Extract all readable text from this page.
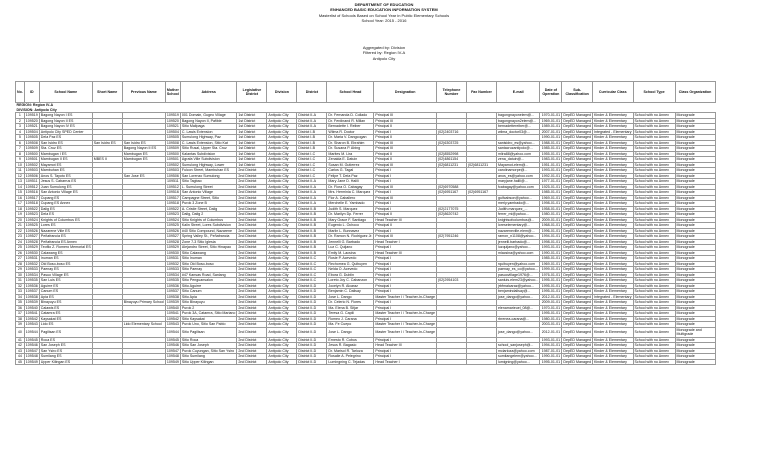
DEPARTMENT OF EDUCATION
ENHANCED BASIC EDUCATION INFORMATION SYSTEM
Masterlist of Schools Based on School Year in Public Elementary Schools
School Year: 2015 - 2016
Aggregated by: Division
Filtered by: Region IV-A
Antipolo City
No.	ID	School Name	Short Name	Previous Name	Mother School	Address	Legislative District	Division	District	School Head	Designation	Telephone Number	Fax Number	E-mail	Date of Operation	Sub-Classification	Curricular Class	School Type	Class Organization
REGION: Region IV-A																			
DIVISION: Antipolo City																			
1	109519	Bagong Nayon I ES			109519	001 Domain, Gugeo Village	1st District	Antipolo City	District II-A	Dr. Fernanda D. Collado	Principal III			bagongnayonelem@...	1970-01-01	DepED Managed	Kinder & Elementary	School with no Annex	Monograde
2	109520	Bagong Nayon II ES			109520	Bagong Nayon II, Pafible	1st District	Antipolo City	District II-A	Dr. Ferdinand R. Millan	Principal III			bagongnayon2elem@...	1969-01-01	DepED Managed	Kinder & Elementary	School with no Annex	Monograde
3	109521	Bagong Nayon IV ES			109521	Sitio Malipaga	1st District	Antipolo City	District II-A	Bernadette I. Reiber	Principal II			bernadettereiber@...	1989-01-01	DepED Managed	Kinder & Elementary	School with no Annex	Monograde
4	109504	Antipolo City SPED Center			109504	C. Lawis Extension	1st District	Antipolo City	District I-B	Wilma R. Doctor	Principal I	(02)2403716		wilma_doctor03@...	2007-01-01	DepED Managed	Integrated - Elementary	School with no Annex	Monograde
5	109505	Dela Paz ES			109505	Sumulong Highway, Paz	1st District	Antipolo City	District I-B	Dr. Maria V. Dangcogan	Principal II				1990-01-01	DepED Managed	Kinder & Elementary	School with no Annex	Monograde
6	109508	San Isidro ES	San Isidro ES	San Isidro ES	109508	C. Lawis Extension, Sitio Kat	1st District	Antipolo City	District I-B	Dr. Sharon B. Ebrahim	Principal III	(02)6303725		sanisidro_es@yahoo...	1988-01-01	DepED Managed	Kinder & Elementary	School with no Annex	Monograde
7	109509	Sta. Cruz ES		Bagong Nayon II ES	109509	Sitio Rusal, Upper Sta. Cruz	1st District	Antipolo City	District I-B	Dr. Susana P. Abing	Principal III			santacruzantipolo@...	1985-01-01	DepED Managed	Kinder & Elementary	School with no Annex	Monograde
8	109500	Mambugan I ES		Mambugan ES	109500	Kalantas Subdivision	1st District	Antipolo City	District I-C	Marites M. Lira	Principal II	(02)8552998		mlira88@yahoo.com	1955-01-01	DepED Managed	Kinder & Elementary	School with no Annex	Monograde
9	109501	Mambugan II ES	MBES II	Mambugan ES	109501	Agrafa Ville Subdivision	1st District	Antipolo City	District I-C	Zenaida E. Datuin	Principal II	(02)4861154		zena_datuin@...	1983-01-01	DepED Managed	Kinder & Elementary	School with no Annex	Monograde
10	109502	Mayamot ES			109502	Sumulong Highway, Lower	1st District	Antipolo City	District I-C	Susan M. Gutierrez	Principal III	(02)6811231	(02)6811231	Mayamot-elem@...	1951-01-01	DepED Managed	Kinder & Elementary	School with no Annex	Monograde
11	109503	Mambuhan ES			109503	Fulcon Street, Mambuhan ES	2nd District	Antipolo City	District I-C	Carlos G. Tagal	Principal I			carolinamorpe@...	1993-01-01	DepED Managed	Kinder & Elementary	School with no Annex	Monograde
12	109506	Anos S. Tayoto ES		San Jose ES	109506	San Lorenzo Sumulong	2nd District	Antipolo City	District I-C	Felipe T. Dela Paz	Principal I			anos_es@yahoo.com	1992-01-01	DepED Managed	Kinder & Elementary	School with no Annex	Monograde
13	109511	Jesus S. Cabarrus ES			109511	Sitio Tagbao	2nd District	Antipolo City	District II-A	Mary Jane D. Halili	Principal I			maryjane.halili@...	1977-01-01	DepED Managed	Kinder & Elementary	School with no Annex	Monograde
14	109512	Juan Sumulong ES			109512	L. Sumulong Street	2nd District	Antipolo City	District II-A	Dr. Flora O. Cabagay	Principal III	(02)6970588		fcabagay@yahoo.com	1925-01-01	DepED Managed	Kinder & Elementary	School with no Annex	Monograde
15	109516	San Antonio Village ES			109516	San Antonio Village	2nd District	Antipolo City	District II-A	Mrs. Herminia C. Marquez	Principal I	(02)6951167	(02)6951167		1985-01-01	DepED Managed	Kinder & Elementary	School with no Annex	Monograde
16	109517	Cupang ES			109517	Campagne Street, Sitio	2nd District	Antipolo City	District II-A	Flor A. Caballero	Principal III			gulfcabson@yahoo...	1969-01-01	DepED Managed	Kinder & Elementary	School with no Annex	Monograde
17	109518	Cupang ES Annex			109518	Purok 3 Zone B	2nd District	Antipolo City	District II-A	Merchelle E. Yambado	Principal I			merly.yambado@...	1998-01-01	DepED Managed	Kinder & Elementary	School with no Annex	Monograde
18	109522	Dalig ES			109522	A. Cristie Street, Dalig	2nd District	Antipolo City	District II-B	Judith S. Marquez	Principal I	(02)2177075		Judith.marquez_...	1958-01-01	DepED Managed	Kinder & Elementary	School with no Annex	Monograde
19	109523	Dela ES			109523	Dalig, Dalig 2	2nd District	Antipolo City	District II-B	Dr. Marilyn Dp. Ferrer	Principal II	(02)8620742		ferrer_mi@yahoo...	1980-01-01	DepED Managed	Kinder & Elementary	School with no Annex	Monograde
20	109524	Knights of Columbus ES			109524	Sitio Knights of Columbus	2nd District	Antipolo City	District II-B	Mary Grace F. Santiago	Head Teacher III			knightsofcolumbus@...	2009-01-01	DepED Managed	Kinder & Elementary	School with no Annex	Monograde
21	109525	Lores ES			109525	Kalin Street, Lores Subdivision	2nd District	Antipolo City	District II-B	Eugenio L. Ochoco	Principal II			loreselementary@...	1968-01-01	DepED Managed	Kinder & Elementary	School with no Annex	Monograde
22	109526	Nazarene Ville ES			109526	#40 Sitio Compound, Nazarene	2nd District	Antipolo City	District II-B	Marlin L. Bunnavez	Principal I			nazareneville.elem@...	1996-01-01	DepED Managed	Kinder & Elementary	School with no Annex	Monograde
23	109527	Peñafrancia ES			109527	Spring Valley St., Peñafrancia	2nd District	Antipolo City	District II-B	Dr. Ramon N. Rodriguez Jr.	Principal III	(02)7951246		ramon_n1108@yahoo...	1994-01-01	DepED Managed	Kinder & Elementary	School with no Annex	Monograde
24	109528	Peñafrancia ES Annex			109528	Zone 7-3 Sitio Iglesia	2nd District	Antipolo City	District II-B	Jennelli G. Barbado	Head Teacher I			jennelli.barbado@...	1998-01-01	DepED Managed	Kinder & Elementary	School with no Annex	Monograde
25	109529	Teofilo Z. Romero Memorial ES			109529	Alejandro Street, Sitio Hinapao	2nd District	Antipolo City	District II-B	Luz C. Quijano	Principal I			luzquijano@yahoo...	1993-01-01	DepED Managed	Kinder & Elementary	School with no Annex	Monograde
26	109530	Calawang ES			109530	Sitio Calawang	2nd District	Antipolo City	District II-B	Emily M. Lacsina	Head Teacher III			mlacsina@yahoo.com	1990-01-01	DepED Managed	Kinder & Elementary	School with no Annex	Monograde
27	109531	Inuman ES			109531	Sitio Inuman	2nd District	Antipolo City	District II-C	Rosie P. Acevedo	Principal I				1985-01-01	DepED Managed	Kinder & Elementary	School with no Annex	Monograde
28	109532	Old Boso-boso ES			109532	Sitio Old Boso-boso	2nd District	Antipolo City	District II-C	Rechomea G. Quibuyen	Principal I			rquibuyen@yahoo.com	1969-01-01	DepED Managed	Kinder & Elementary	School with no Annex	Monograde
29	109533	Paenay ES			109533	Sitio Paenay	2nd District	Antipolo City	District II-C	Nelda O. Acevedo	Principal I			paenay_es_co@yahoo...	1999-01-01	DepED Managed	Kinder & Elementary	School with no Annex	Monograde
30	109534	Pasuo Village ES			109534	#47 Kansas Road, Sanlang	2nd District	Antipolo City	District II-C	Ebora G. Dublin	Principal I			pasuovillage1976@...	1976-01-01	DepED Managed	Kinder & Elementary	School with no Annex	Monograde
31	109535	San Luis ES			109535	Sitio Penguansalon	2nd District	Antipolo City	District II-C	Loreto Joy C. Cabanzon	Principal I	(02)2954103		sanluis.elem23@yahoo...	1995-01-01	DepED Managed	Kinder & Elementary	School with no Annex	Monograde
32	109536	Aguirre ES			109536	Sitio Aguirre	2nd District	Antipolo City	District II-D	Jocelyn R. Alcaraz	Principal I			jrbfmalcaraz@yahoo...	1995-01-01	DepED Managed	Kinder & Elementary	School with no Annex	Monograde
33	109537	Canum ES			109537	Sitio Canum	2nd District	Antipolo City	District II-D	Benjamin C. Dalisay	Principal I			benjamindalisay@...	1995-01-01	DepED Managed	Kinder & Elementary	School with no Annex	Monograde
34	109538	Apia ES			109538	Sitio Apia	2nd District	Antipolo City	District II-D	Jose L. Dango	Master Teacher I / Teacher-In-Charge			jose_dango@yahoo...	2012-01-01	DepED Managed	Integrated - Elementary	School with no Annex	Monograde
35	109539	Binayuyu ES		Binayuyu Primary School	109539	Sitio Binayuyu	2nd District	Antipolo City	District II-D	Dr. Celerio N. Flores	Principal I				2009-01-01	DepED Managed	Kinder & Elementary	School with no Annex	Monograde
36	109540	Calawis ES			109540	Purok 2	2nd District	Antipolo City	District II-D	Ma. Elena B. Sitjar	Principal I			elenamarieuel_08@...	1970-01-01	DepED Managed	Kinder & Elementary	School with no Annex	Monograde
37	109541	Catamra ES			109541	Purok 3A, Catamra, Sitio Mariano	2nd District	Antipolo City	District II-D	Teresa G. Capili	Master Teacher I / Teacher-In-Charge				1995-01-01	DepED Managed	Kinder & Elementary	School with no Annex	Monograde
38	109542	Kaysakat ES			109542	Sitio Kaysakat	2nd District	Antipolo City	District II-D	Romeo J. Carana	Principal I			rbrenea-carana@...	1980-01-01	DepED Managed	Kinder & Elementary	School with no Annex	Monograde
39	109543	Lido ES		Lido Elementary School	109543	Purok Uno, Sitio San Pablo	2nd District	Antipolo City	District II-D	Ma. Fe Cuepo	Master Teacher I / Teacher-In-Charge				2003-01-01	DepED Managed	Kinder & Elementary	School with no Annex	Monograde
40	109544	Pagilisan ES			109544	Sitio Pagilisan	2nd District	Antipolo City	District II-D	Jose L. Dango	Master Teacher I / Teacher-In-Charge			jose_dango@yahoo...	2012-01-01	DepED Managed	Kinder & Elementary	School with no Annex	Monograde and Multigrade
41	109545	Roca ES			109545	Sitio Roca	2nd District	Antipolo City	District II-D	Ernesto R. Cobus	Principal I				1993-01-01	DepED Managed	Kinder & Elementary	School with no Annex	Monograde
42	109546	San Joseph ES			109546	Sitio San Joseph	2nd District	Antipolo City	District II-D	Jesus R. Bagasio	Head Teacher III			school_sanjoseph@...	1994-01-01	DepED Managed	Kinder & Elementary	School with no Annex	Monograde
43	109547	San Ysiro ES			109547	Purok Cuyungan, Sitio San Ysiro	2nd District	Antipolo City	District II-D	Dr. Marisol R. Tarloza	Principal I			mclarloza@yahoo.com	1987-01-01	DepED Managed	Kinder & Elementary	School with no Annex	Monograde
44	109548	Sumilang ES			109548	Sitio Sumilang	2nd District	Antipolo City	District II-D	Rosalie A. Pelegrino	Principal I			sumilangelem@yahoo...	1990-01-01	DepED Managed	Kinder & Elementary	School with no Annex	Monograde
45	109549	Upper Kilingan ES			109549	Sitio Upper Kilingan	2nd District	Antipolo City	District II-D	Lumingning C. Tejadas	Head Teacher I			lumigning@yahoo...	1995-01-01	DepED Managed	Kinder & Elementary	School with no Annex	Monograde
